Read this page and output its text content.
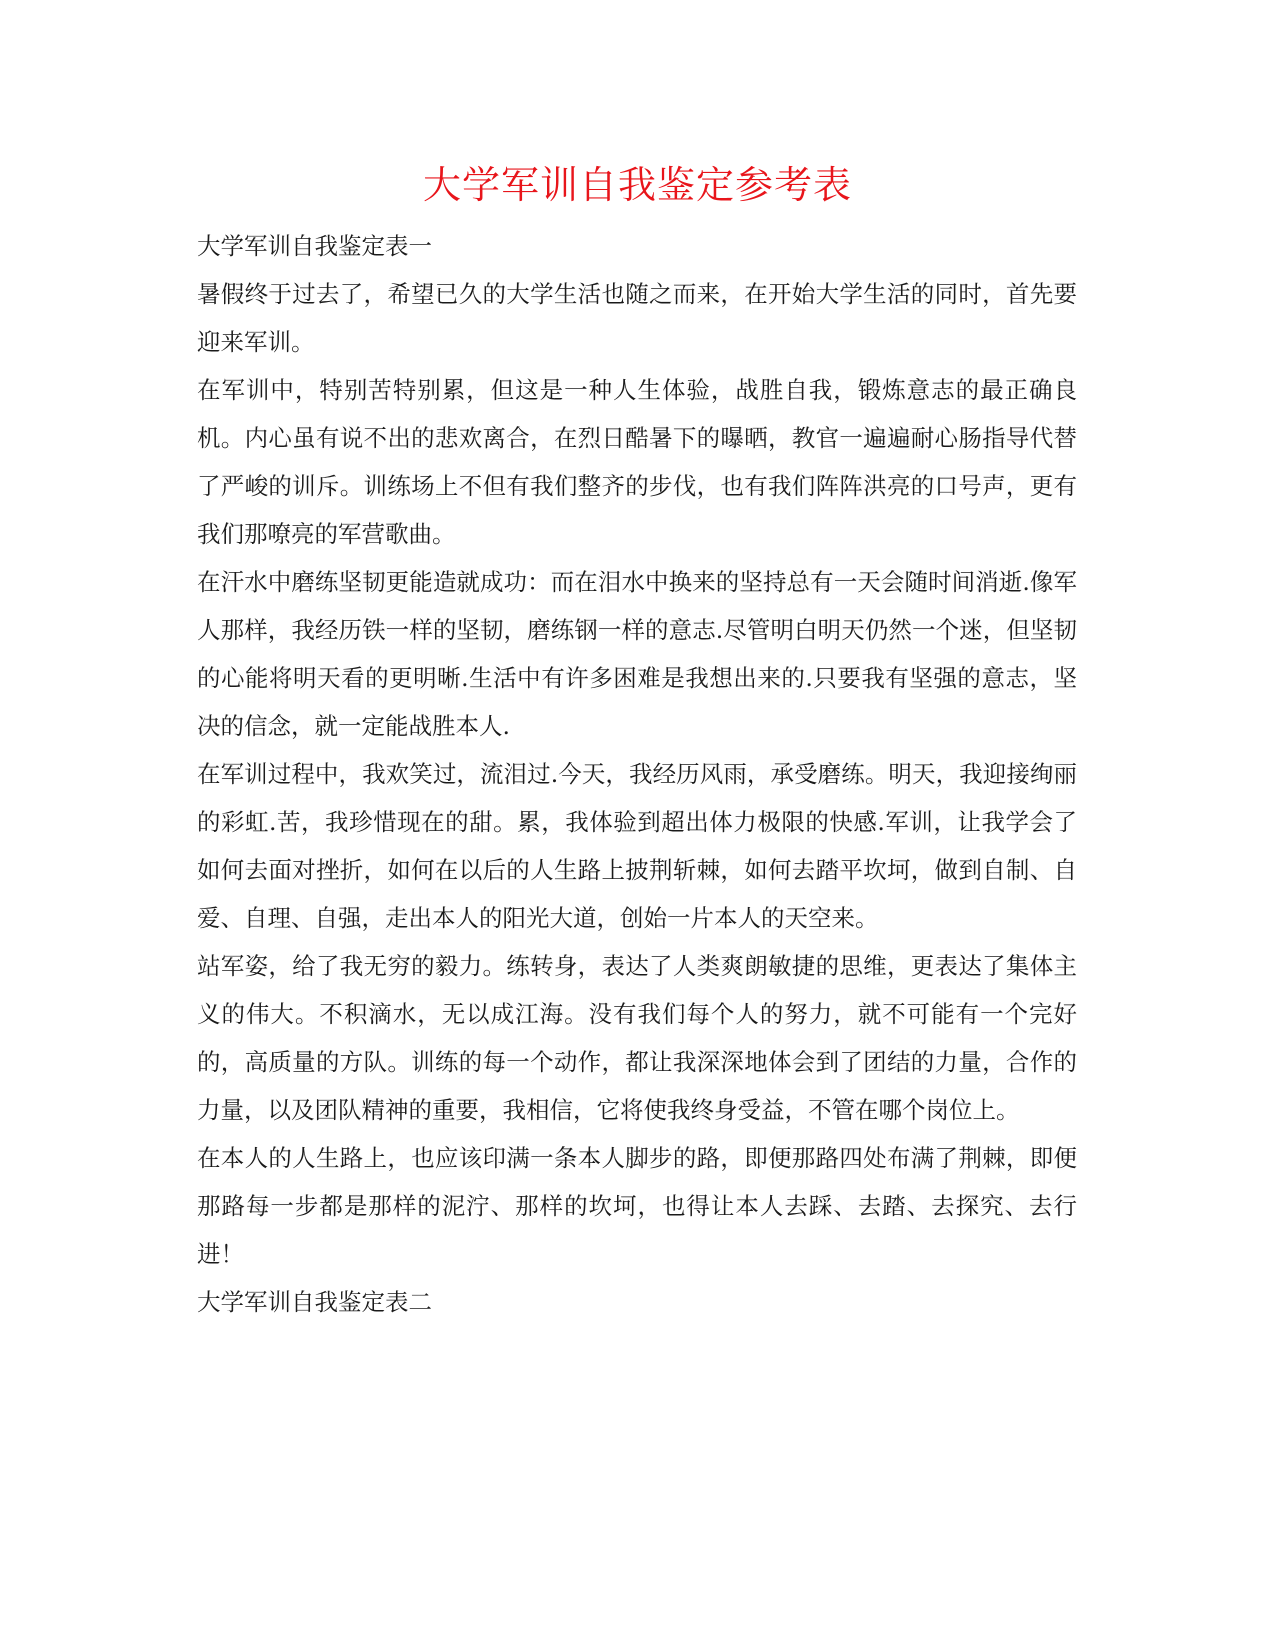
大学军训自我鉴定参考表

大学军训自我鉴定表一

暑假终于过去了，希望已久的大学生活也随之而来，在开始大学生活的同时，首先要迎来军训。

在军训中，特别苦特别累，但这是一种人生体验，战胜自我，锻炼意志的最正确良机。内心虽有说不出的悲欢离合，在烈日酷暑下的曝晒，教官一遍遍耐心肠指导代替了严峻的训斥。训练场上不但有我们整齐的步伐，也有我们阵阵洪亮的口号声，更有我们那嘹亮的军营歌曲。

在汗水中磨练坚韧更能造就成功：而在泪水中换来的坚持总有一天会随时间消逝.像军人那样，我经历铁一样的坚韧，磨练钢一样的意志.尽管明白明天仍然一个迷，但坚韧的心能将明天看的更明晰.生活中有许多困难是我想出来的.只要我有坚强的意志，坚决的信念，就一定能战胜本人.

在军训过程中，我欢笑过，流泪过.今天，我经历风雨，承受磨练。明天，我迎接绚丽的彩虹.苦，我珍惜现在的甜。累，我体验到超出体力极限的快感.军训，让我学会了如何去面对挫折，如何在以后的人生路上披荆斩棘，如何去踏平坎坷，做到自制、自爱、自理、自强，走出本人的阳光大道，创始一片本人的天空来。

站军姿，给了我无穷的毅力。练转身，表达了人类爽朗敏捷的思维，更表达了集体主义的伟大。不积滴水，无以成江海。没有我们每个人的努力，就不可能有一个完好的，高质量的方队。训练的每一个动作，都让我深深地体会到了团结的力量，合作的力量，以及团队精神的重要，我相信，它将使我终身受益，不管在哪个岗位上。

在本人的人生路上，也应该印满一条本人脚步的路，即便那路四处布满了荆棘，即便那路每一步都是那样的泥泞、那样的坎坷，也得让本人去踩、去踏、去探究、去行进！

大学军训自我鉴定表二
